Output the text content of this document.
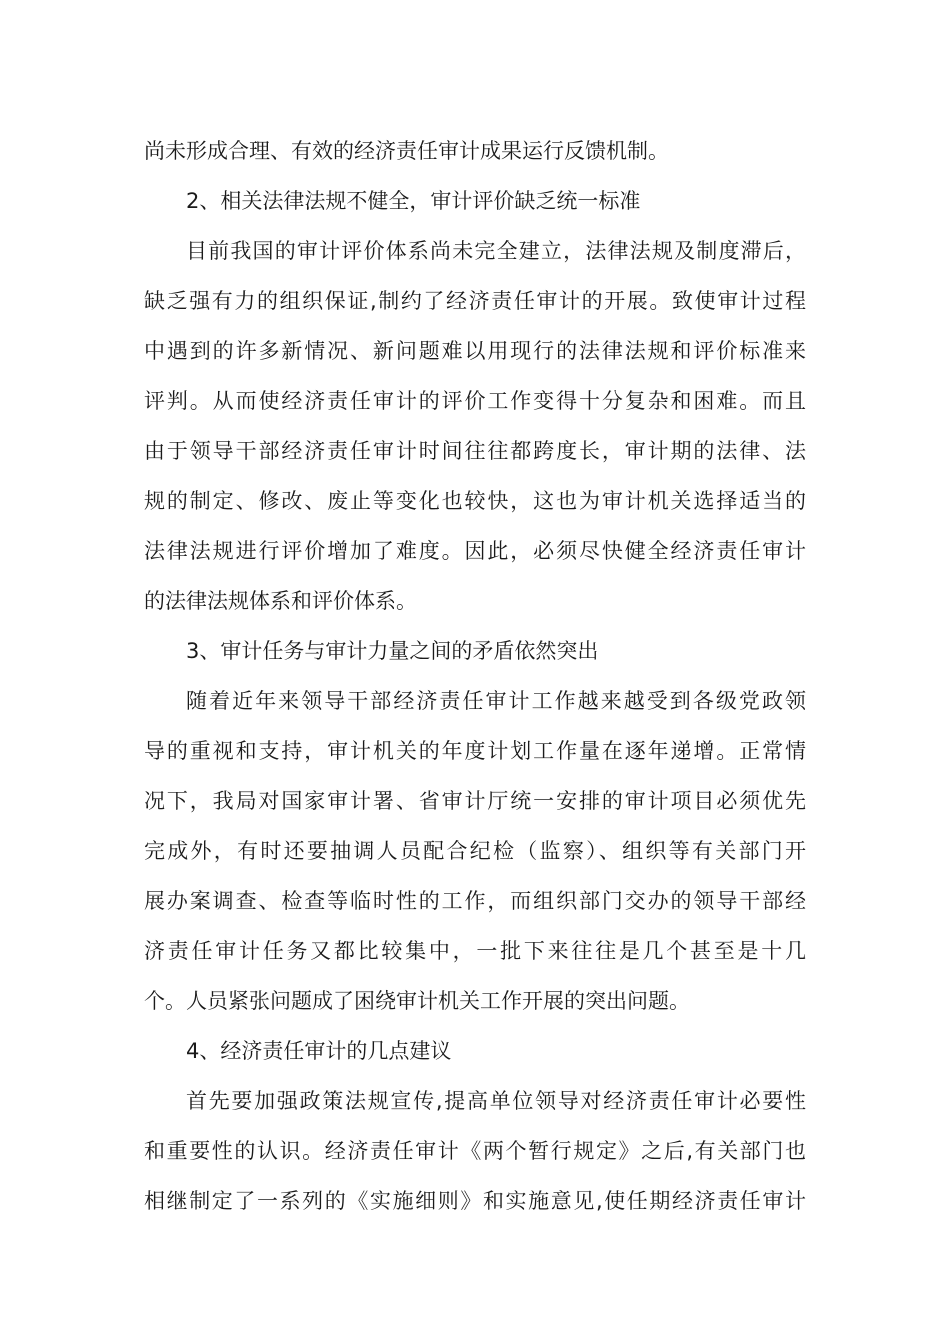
尚未形成合理、有效的经济责任审计成果运行反馈机制。
2、相关法律法规不健全，审计评价缺乏统一标准
目前我国的审计评价体系尚未完全建立，法律法规及制度滞后，
缺乏强有力的组织保证,制约了经济责任审计的开展。致使审计过程
中遇到的许多新情况、新问题难以用现行的法律法规和评价标准来
评判。从而使经济责任审计的评价工作变得十分复杂和困难。而且
由于领导干部经济责任审计时间往往都跨度长，审计期的法律、法
规的制定、修改、废止等变化也较快，这也为审计机关选择适当的
法律法规进行评价增加了难度。因此，必须尽快健全经济责任审计
的法律法规体系和评价体系。
3、审计任务与审计力量之间的矛盾依然突出
随着近年来领导干部经济责任审计工作越来越受到各级党政领
导的重视和支持，审计机关的年度计划工作量在逐年递增。正常情
况下，我局对国家审计署、省审计厅统一安排的审计项目必须优先
完成外，有时还要抽调人员配合纪检（监察）、组织等有关部门开
展办案调查、检查等临时性的工作，而组织部门交办的领导干部经
济责任审计任务又都比较集中，一批下来往往是几个甚至是十几
个。人员紧张问题成了困绕审计机关工作开展的突出问题。
4、经济责任审计的几点建议
首先要加强政策法规宣传,提高单位领导对经济责任审计必要性
和重要性的认识。经济责任审计《两个暂行规定》之后,有关部门也
相继制定了一系列的《实施细则》和实施意见,使任期经济责任审计
